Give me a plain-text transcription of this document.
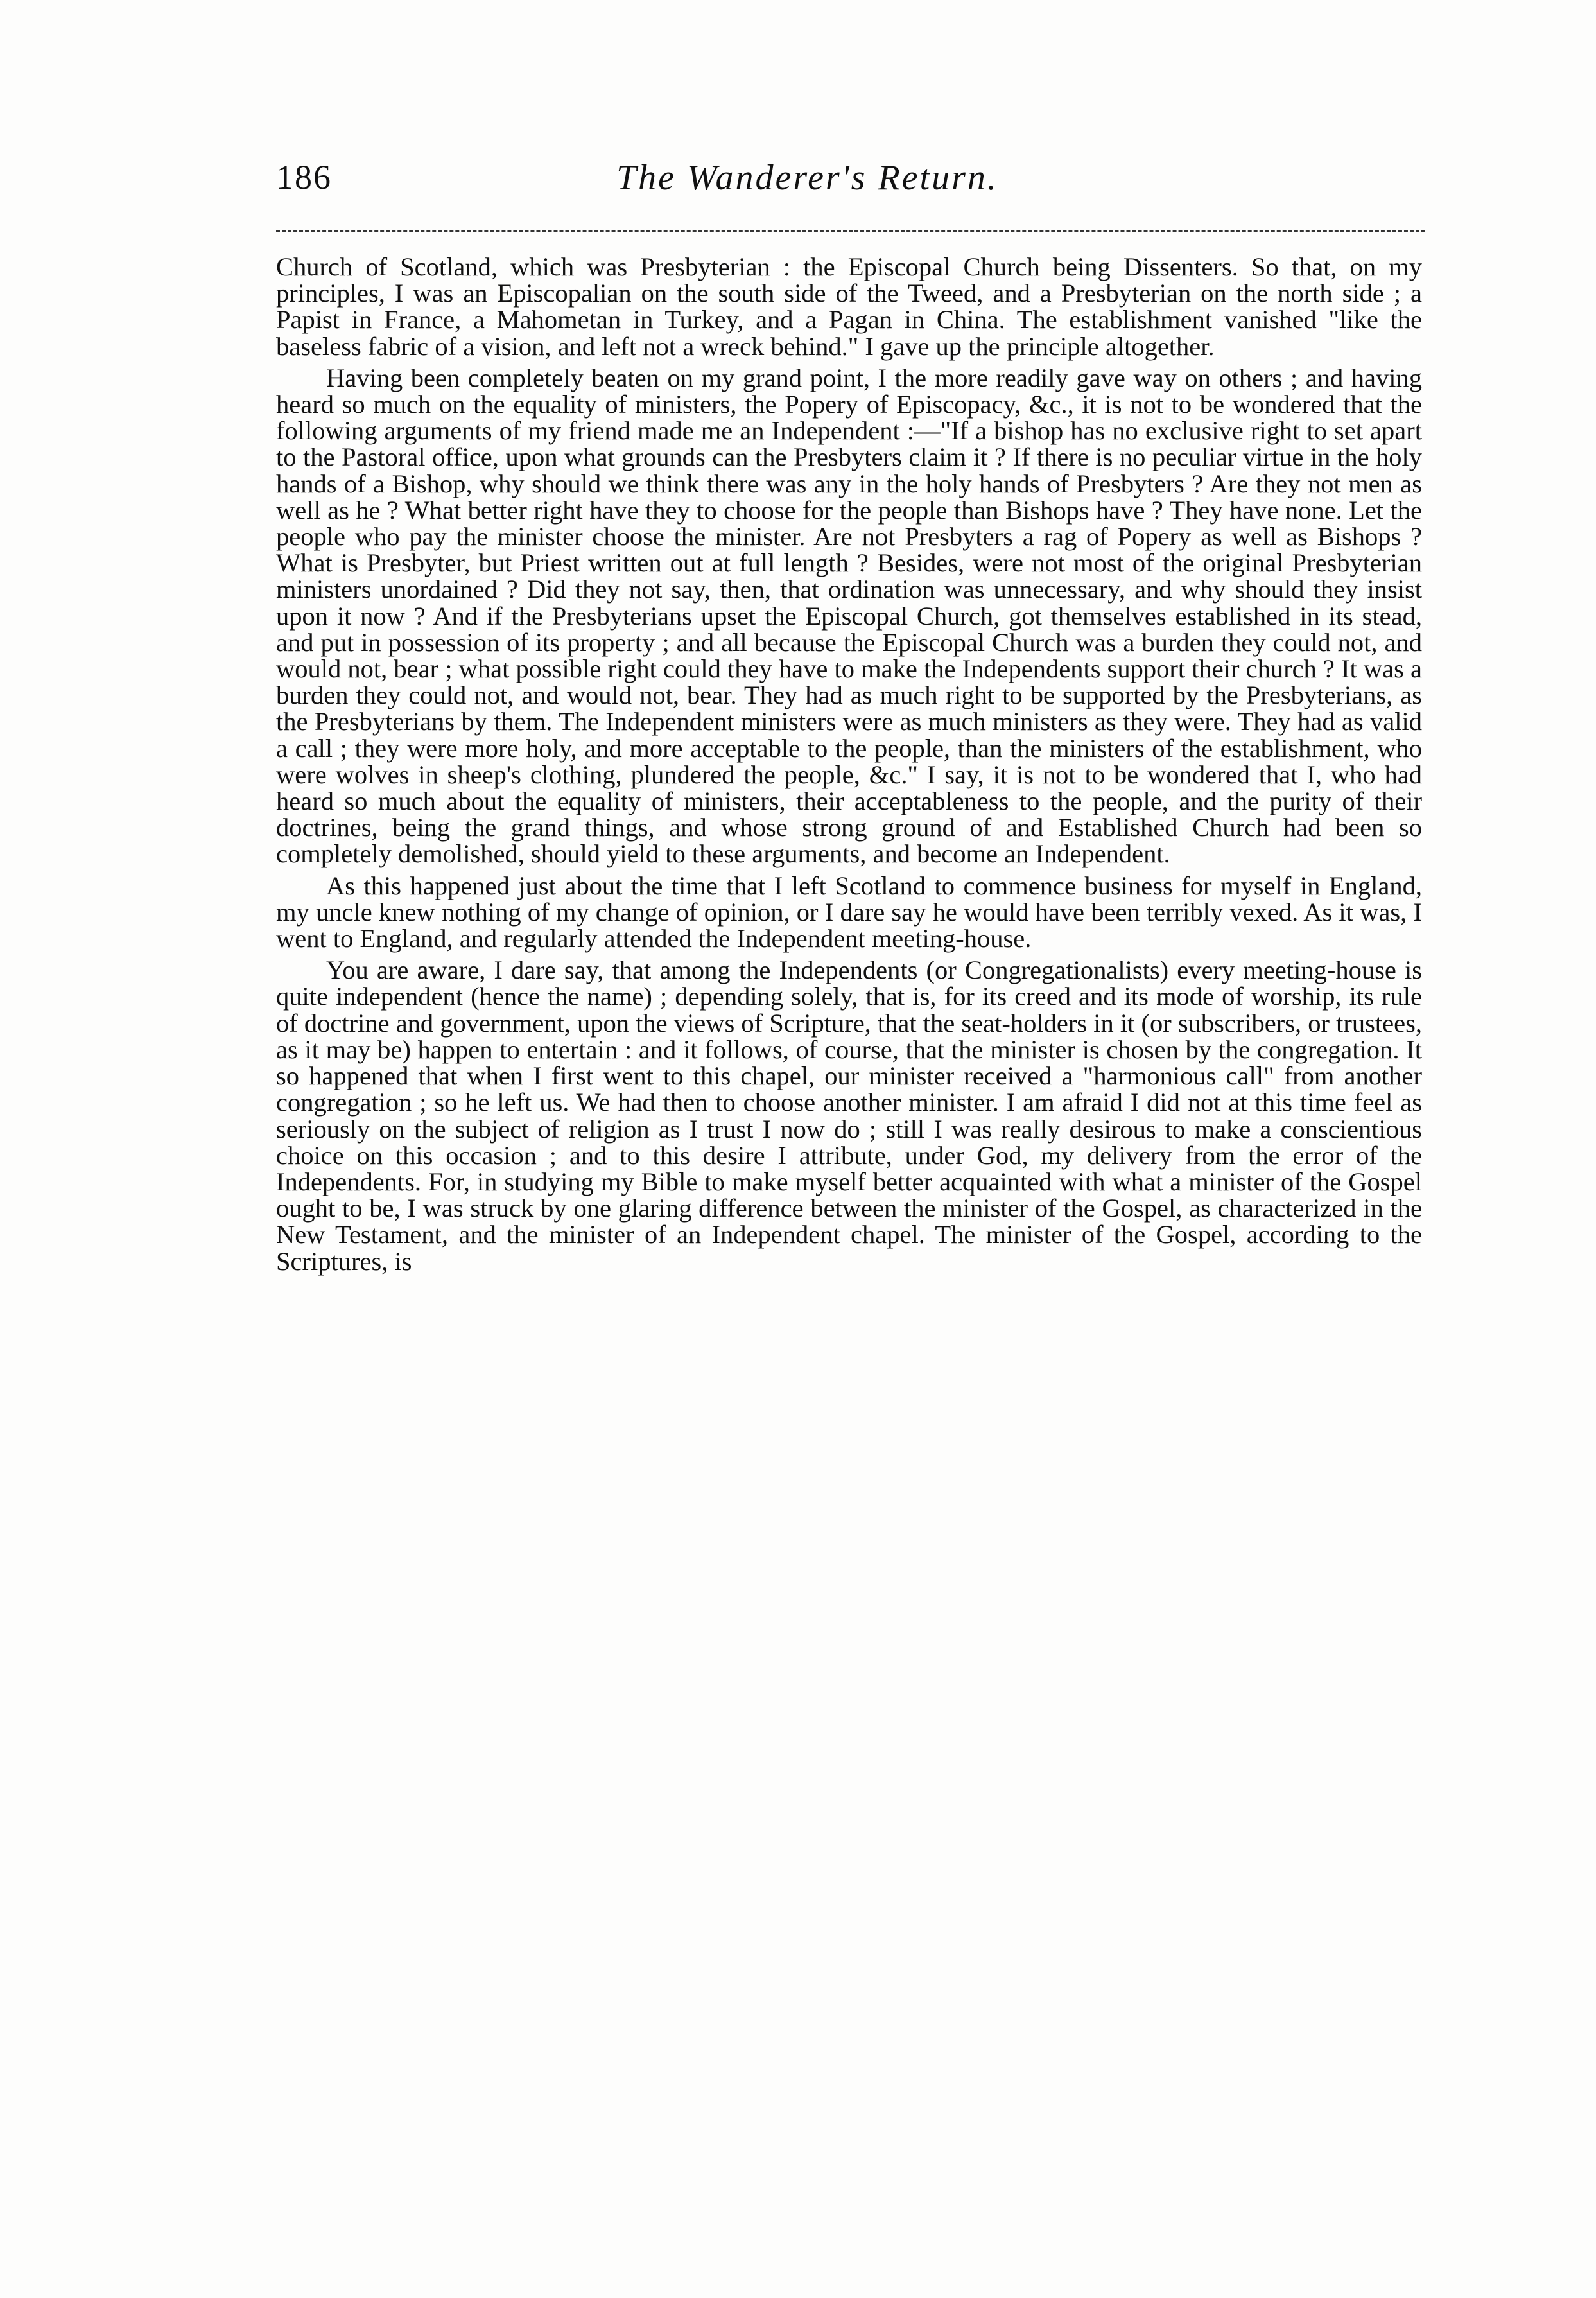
186	The Wanderer's Return.

Church of Scotland, which was Presbyterian : the Episcopal Church being Dissenters. So that, on my principles, I was an Episcopalian on the south side of the Tweed, and a Presbyterian on the north side ; a Papist in France, a Mahometan in Turkey, and a Pagan in China. The establishment vanished "like the baseless fabric of a vision, and left not a wreck behind." I gave up the principle altogether.

Having been completely beaten on my grand point, I the more readily gave way on others ; and having heard so much on the equality of ministers, the Popery of Episcopacy, &c., it is not to be wondered that the following arguments of my friend made me an Independent :—"If a bishop has no exclusive right to set apart to the Pastoral office, upon what grounds can the Presbyters claim it ? If there is no peculiar virtue in the holy hands of a Bishop, why should we think there was any in the holy hands of Presbyters ? Are they not men as well as he ? What better right have they to choose for the people than Bishops have ? They have none. Let the people who pay the minister choose the minister. Are not Presbyters a rag of Popery as well as Bishops ? What is Presbyter, but Priest written out at full length ? Besides, were not most of the original Presbyterian ministers unordained ? Did they not say, then, that ordination was unnecessary, and why should they insist upon it now ? And if the Presbyterians upset the Episcopal Church, got themselves established in its stead, and put in possession of its property ; and all because the Episcopal Church was a burden they could not, and would not, bear ; what possible right could they have to make the Independents support their church ? It was a burden they could not, and would not, bear. They had as much right to be supported by the Presbyterians, as the Presbyterians by them. The Independent ministers were as much ministers as they were. They had as valid a call ; they were more holy, and more acceptable to the people, than the ministers of the establishment, who were wolves in sheep's clothing, plundered the people, &c." I say, it is not to be wondered that I, who had heard so much about the equality of ministers, their acceptableness to the people, and the purity of their doctrines, being the grand things, and whose strong ground of and Established Church had been so completely demolished, should yield to these arguments, and become an Independent.

As this happened just about the time that I left Scotland to commence business for myself in England, my uncle knew nothing of my change of opinion, or I dare say he would have been terribly vexed. As it was, I went to England, and regularly attended the Independent meeting-house.

You are aware, I dare say, that among the Independents (or Congregationalists) every meeting-house is quite independent (hence the name) ; depending solely, that is, for its creed and its mode of worship, its rule of doctrine and government, upon the views of Scripture, that the seat-holders in it (or subscribers, or trustees, as it may be) happen to entertain : and it follows, of course, that the minister is chosen by the congregation. It so happened that when I first went to this chapel, our minister received a "harmonious call" from another congregation ; so he left us. We had then to choose another minister. I am afraid I did not at this time feel as seriously on the subject of religion as I trust I now do ; still I was really desirous to make a conscientious choice on this occasion ; and to this desire I attribute, under God, my delivery from the error of the Independents. For, in studying my Bible to make myself better acquainted with what a minister of the Gospel ought to be, I was struck by one glaring difference between the minister of the Gospel, as characterized in the New Testament, and the minister of an Independent chapel. The minister of the Gospel, according to the Scriptures, is
